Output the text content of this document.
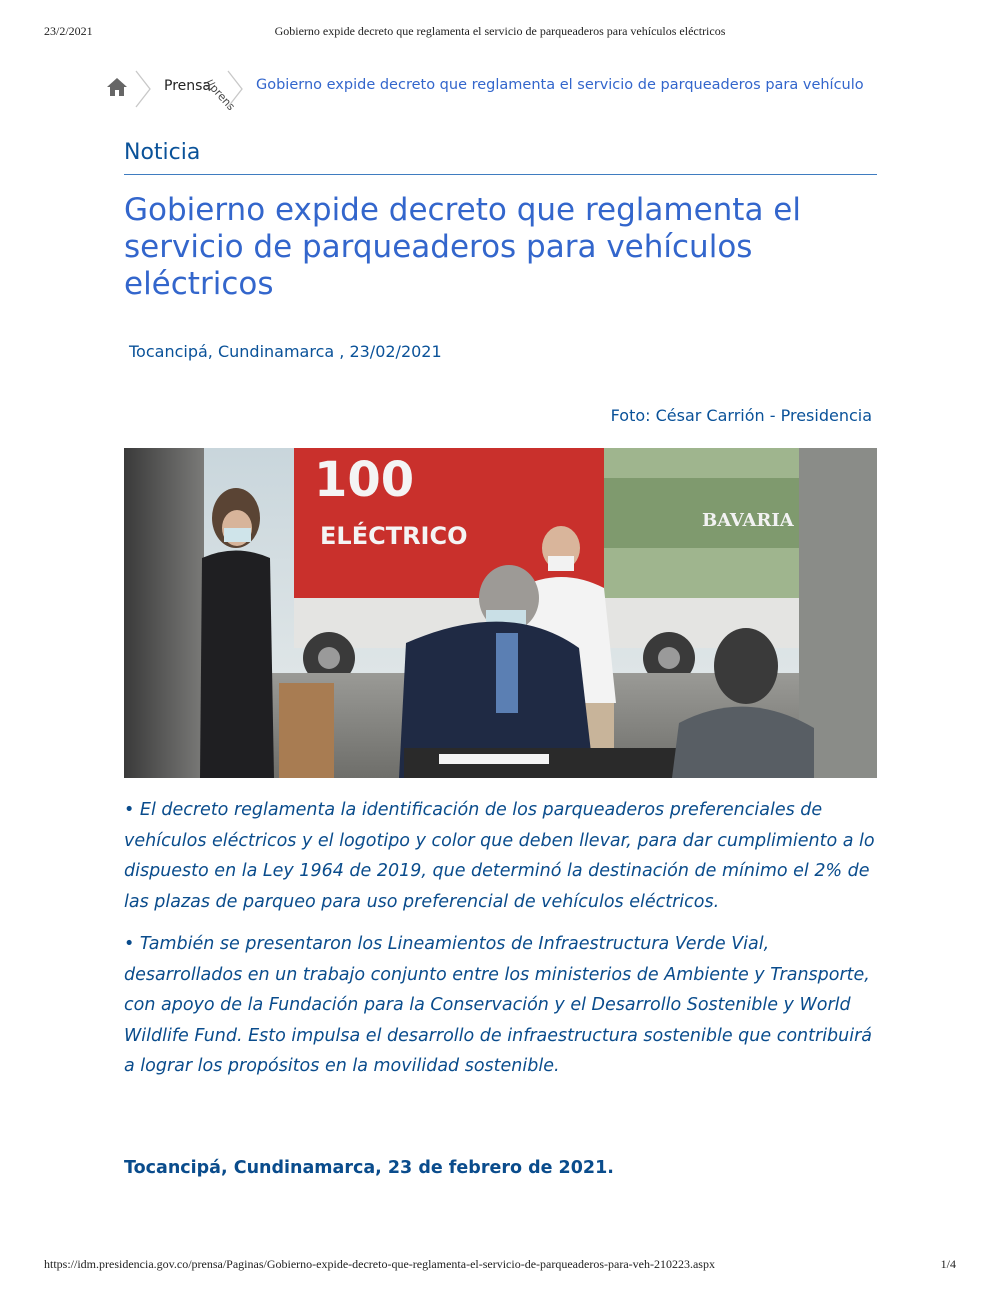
23/2/2021	Gobierno expide decreto que reglamenta el servicio de parqueaderos para vehículos eléctricos
Prensa
//prens Gobierno expide decreto que reglamenta el servicio de parqueaderos para vehículo
Noticia
Gobierno expide decreto que reglamenta el servicio de parqueaderos para vehículos eléctricos
Tocancipá, Cundinamarca , 23/02/2021
Foto: César Carrión - Presidencia
100
ELÉCTRICO
BAVARIA

• El decreto reglamenta la identificación de los parqueaderos preferenciales de vehículos eléctricos y el logotipo y color que deben llevar, para dar cumplimiento a lo dispuesto en la Ley 1964 de 2019, que determinó la destinación de mínimo el 2% de las plazas de parqueo para uso preferencial de vehículos eléctricos.

• También se presentaron los Lineamientos de Infraestructura Verde Vial, desarrollados en un trabajo conjunto entre los ministerios de Ambiente y Transporte, con apoyo de la Fundación para la Conservación y el Desarrollo Sostenible y World Wildlife Fund. Esto impulsa el desarrollo de infraestructura sostenible que contribuirá a lograr los propósitos en la movilidad sostenible.

Tocancipá, Cundinamarca, 23 de febrero de 2021.
https://idm.presidencia.gov.co/prensa/Paginas/Gobierno-expide-decreto-que-reglamenta-el-servicio-de-parqueaderos-para-veh-210223.aspx	1/4
